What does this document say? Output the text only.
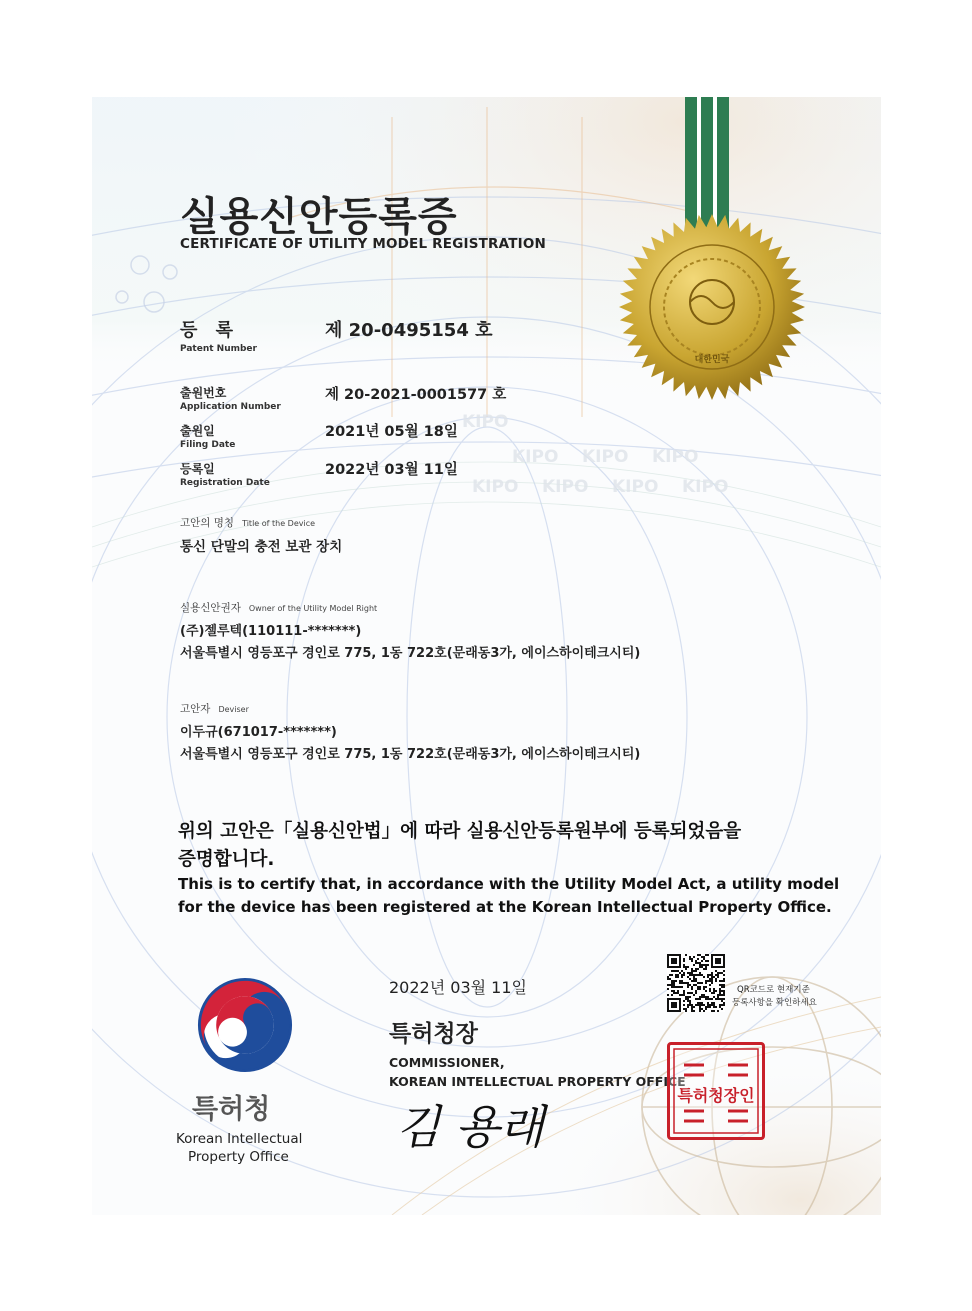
KIPO
KIPO KIPO KIPO
KIPO KIPO KIPO KIPO
대한민국
실용신안등록증
CERTIFICATE OF UTILITY MODEL REGISTRATION
등 록
Patent Number
제 20-0495154 호
출원번호
Application Number
제 20-2021-0001577 호
출원일
Filing Date
2021년 05월 18일
등록일
Registration Date
2022년 03월 11일
고안의 명칭 Title of the Device
통신 단말의 충전 보관 장치
실용신안권자 Owner of the Utility Model Right
(주)젤루텍(110111-*******)
서울특별시 영등포구 경인로 775, 1동 722호(문래동3가, 에이스하이테크시티)
고안자 Deviser
이두규(671017-*******)
서울특별시 영등포구 경인로 775, 1동 722호(문래동3가, 에이스하이테크시티)
위의 고안은「실용신안법」에 따라 실용신안등록원부에 등록되었음을
증명합니다.
This is to certify that, in accordance with the Utility Model Act, a utility model
for the device has been registered at the Korean Intellectual Property Office.
특허청
Korean Intellectual
Property Office
2022년 03월 11일
특허청장
COMMISSIONER,
KOREAN INTELLECTUAL PROPERTY OFFICE
김 용래
QR코드로 현재기준
등록사항을 확인하세요
특허청장인
